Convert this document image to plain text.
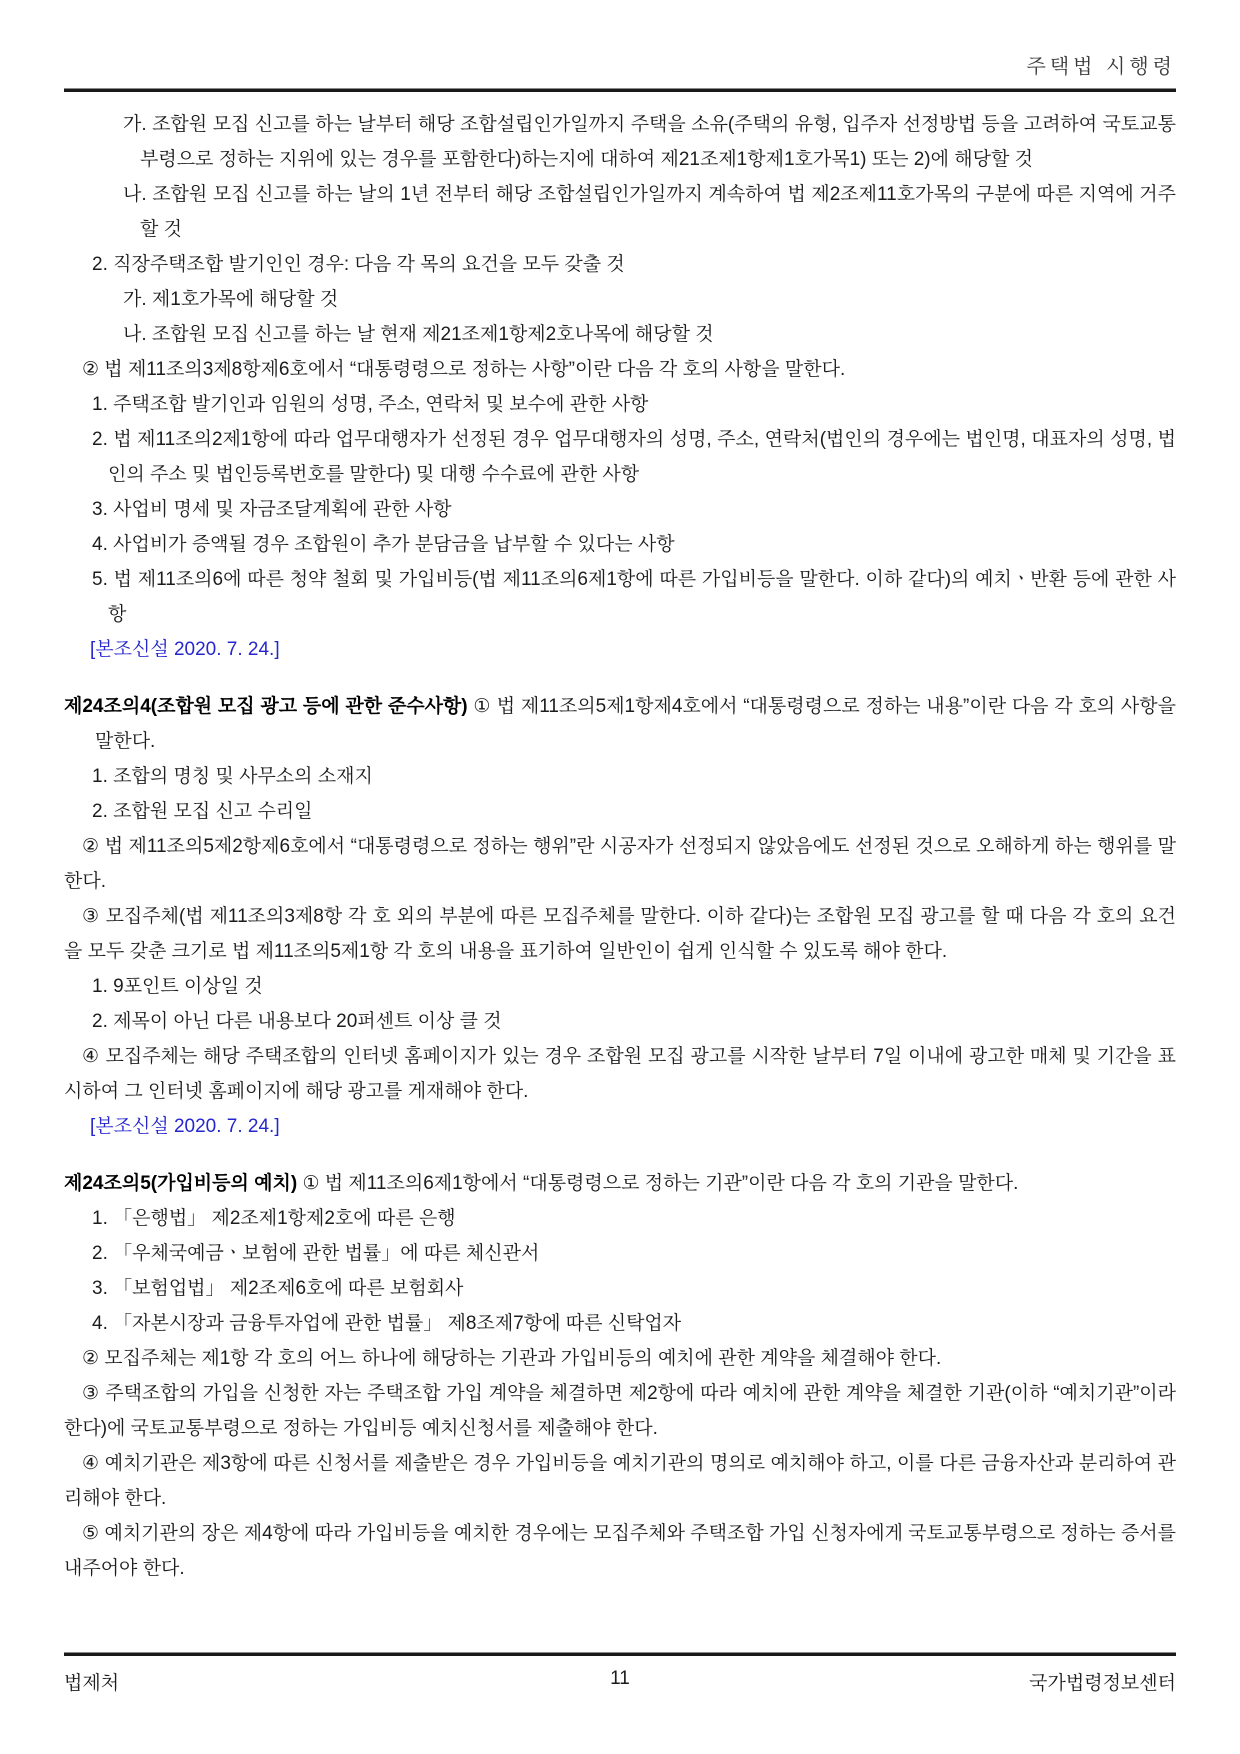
주택법 시행령

가. 조합원 모집 신고를 하는 날부터 해당 조합설립인가일까지 주택을 소유(주택의 유형, 입주자 선정방법 등을 고려하여 국토교통부령으로 정하는 지위에 있는 경우를 포함한다)하는지에 대하여 제21조제1항제1호가목1) 또는 2)에 해당할 것

나. 조합원 모집 신고를 하는 날의 1년 전부터 해당 조합설립인가일까지 계속하여 법 제2조제11호가목의 구분에 따른 지역에 거주할 것

2. 직장주택조합 발기인인 경우: 다음 각 목의 요건을 모두 갖출 것

가. 제1호가목에 해당할 것

나. 조합원 모집 신고를 하는 날 현재 제21조제1항제2호나목에 해당할 것

② 법 제11조의3제8항제6호에서 “대통령령으로 정하는 사항”이란 다음 각 호의 사항을 말한다.

1. 주택조합 발기인과 임원의 성명, 주소, 연락처 및 보수에 관한 사항

2. 법 제11조의2제1항에 따라 업무대행자가 선정된 경우 업무대행자의 성명, 주소, 연락처(법인의 경우에는 법인명, 대표자의 성명, 법인의 주소 및 법인등록번호를 말한다) 및 대행 수수료에 관한 사항

3. 사업비 명세 및 자금조달계획에 관한 사항

4. 사업비가 증액될 경우 조합원이 추가 분담금을 납부할 수 있다는 사항

5. 법 제11조의6에 따른 청약 철회 및 가입비등(법 제11조의6제1항에 따른 가입비등을 말한다. 이하 같다)의 예치ㆍ반환 등에 관한 사항

[본조신설 2020. 7. 24.]

제24조의4(조합원 모집 광고 등에 관한 준수사항) ① 법 제11조의5제1항제4호에서 “대통령령으로 정하는 내용”이란 다음 각 호의 사항을 말한다.

1. 조합의 명칭 및 사무소의 소재지

2. 조합원 모집 신고 수리일

② 법 제11조의5제2항제6호에서 “대통령령으로 정하는 행위”란 시공자가 선정되지 않았음에도 선정된 것으로 오해하게 하는 행위를 말한다.

③ 모집주체(법 제11조의3제8항 각 호 외의 부분에 따른 모집주체를 말한다. 이하 같다)는 조합원 모집 광고를 할 때 다음 각 호의 요건을 모두 갖춘 크기로 법 제11조의5제1항 각 호의 내용을 표기하여 일반인이 쉽게 인식할 수 있도록 해야 한다.

1. 9포인트 이상일 것

2. 제목이 아닌 다른 내용보다 20퍼센트 이상 클 것

④ 모집주체는 해당 주택조합의 인터넷 홈페이지가 있는 경우 조합원 모집 광고를 시작한 날부터 7일 이내에 광고한 매체 및 기간을 표시하여 그 인터넷 홈페이지에 해당 광고를 게재해야 한다.

[본조신설 2020. 7. 24.]

제24조의5(가입비등의 예치) ① 법 제11조의6제1항에서 “대통령령으로 정하는 기관”이란 다음 각 호의 기관을 말한다.

1. 「은행법」 제2조제1항제2호에 따른 은행

2. 「우체국예금ㆍ보험에 관한 법률」에 따른 체신관서

3. 「보험업법」 제2조제6호에 따른 보험회사

4. 「자본시장과 금융투자업에 관한 법률」 제8조제7항에 따른 신탁업자

② 모집주체는 제1항 각 호의 어느 하나에 해당하는 기관과 가입비등의 예치에 관한 계약을 체결해야 한다.

③ 주택조합의 가입을 신청한 자는 주택조합 가입 계약을 체결하면 제2항에 따라 예치에 관한 계약을 체결한 기관(이하 “예치기관”이라 한다)에 국토교통부령으로 정하는 가입비등 예치신청서를 제출해야 한다.

④ 예치기관은 제3항에 따른 신청서를 제출받은 경우 가입비등을 예치기관의 명의로 예치해야 하고, 이를 다른 금융자산과 분리하여 관리해야 한다.

⑤ 예치기관의 장은 제4항에 따라 가입비등을 예치한 경우에는 모집주체와 주택조합 가입 신청자에게 국토교통부령으로 정하는 증서를 내주어야 한다.

법제처	11	국가법령정보센터
